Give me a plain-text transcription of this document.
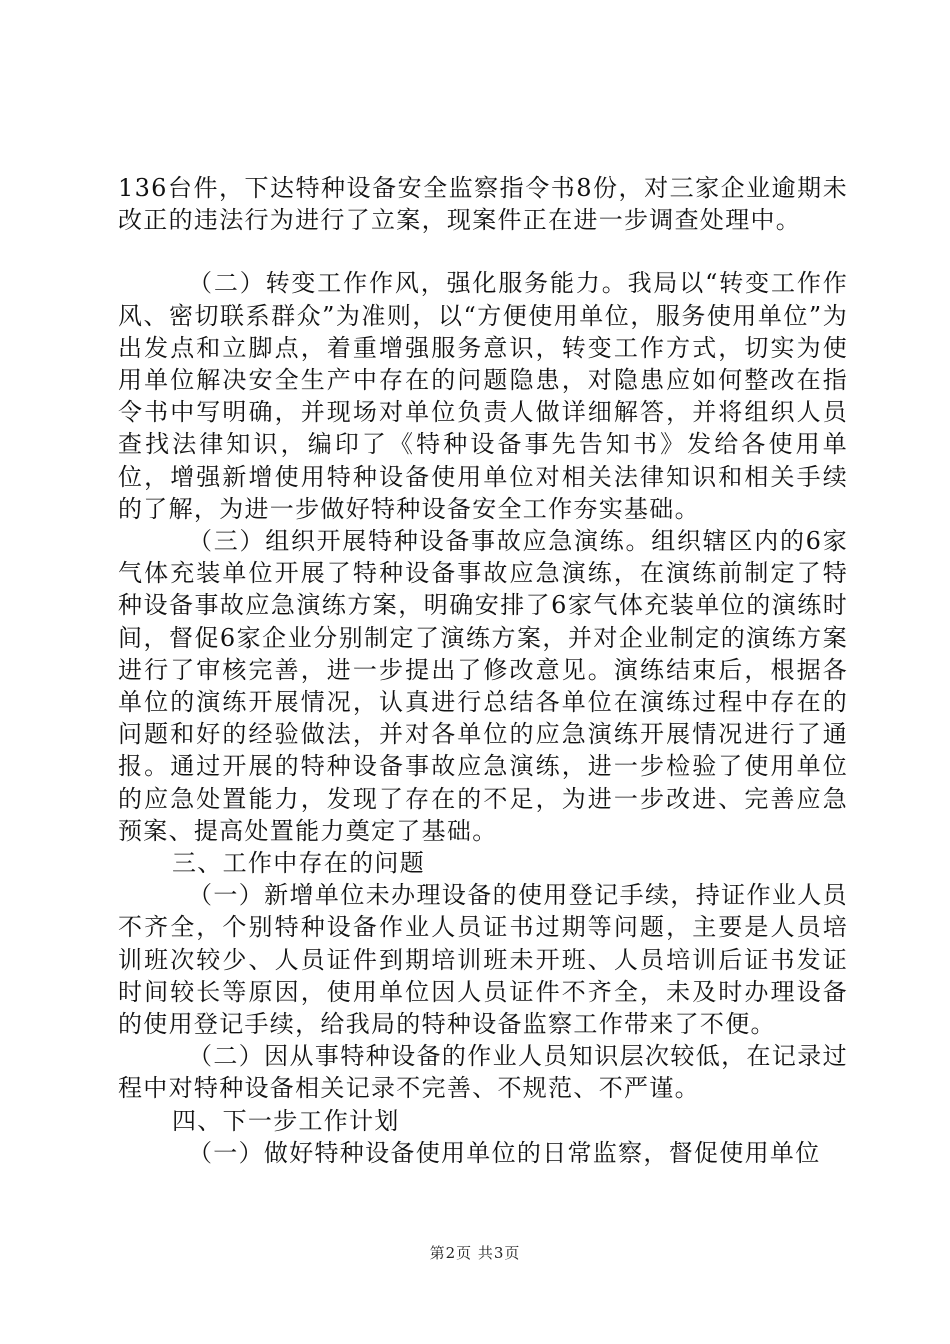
136台件，下达特种设备安全监察指令书8份，对三家企业逾期未改正的违法行为进行了立案，现案件正在进一步调查处理中。

（二）转变工作作风，强化服务能力。我局以“转变工作作风、密切联系群众”为准则，以“方便使用单位，服务使用单位”为出发点和立脚点，着重增强服务意识，转变工作方式，切实为使用单位解决安全生产中存在的问题隐患，对隐患应如何整改在指令书中写明确，并现场对单位负责人做详细解答，并将组织人员查找法律知识，编印了《特种设备事先告知书》发给各使用单位，增强新增使用特种设备使用单位对相关法律知识和相关手续的了解，为进一步做好特种设备安全工作夯实基础。

（三）组织开展特种设备事故应急演练。组织辖区内的6家气体充装单位开展了特种设备事故应急演练，在演练前制定了特种设备事故应急演练方案，明确安排了6家气体充装单位的演练时间，督促6家企业分别制定了演练方案，并对企业制定的演练方案进行了审核完善，进一步提出了修改意见。演练结束后，根据各单位的演练开展情况，认真进行总结各单位在演练过程中存在的问题和好的经验做法，并对各单位的应急演练开展情况进行了通报。通过开展的特种设备事故应急演练，进一步检验了使用单位的应急处置能力，发现了存在的不足，为进一步改进、完善应急预案、提高处置能力奠定了基础。

三、工作中存在的问题

（一）新增单位未办理设备的使用登记手续，持证作业人员不齐全，个别特种设备作业人员证书过期等问题，主要是人员培训班次较少、人员证件到期培训班未开班、人员培训后证书发证时间较长等原因，使用单位因人员证件不齐全，未及时办理设备的使用登记手续，给我局的特种设备监察工作带来了不便。

（二）因从事特种设备的作业人员知识层次较低，在记录过程中对特种设备相关记录不完善、不规范、不严谨。

四、下一步工作计划

（一）做好特种设备使用单位的日常监察，督促使用单位

第2页 共3页
